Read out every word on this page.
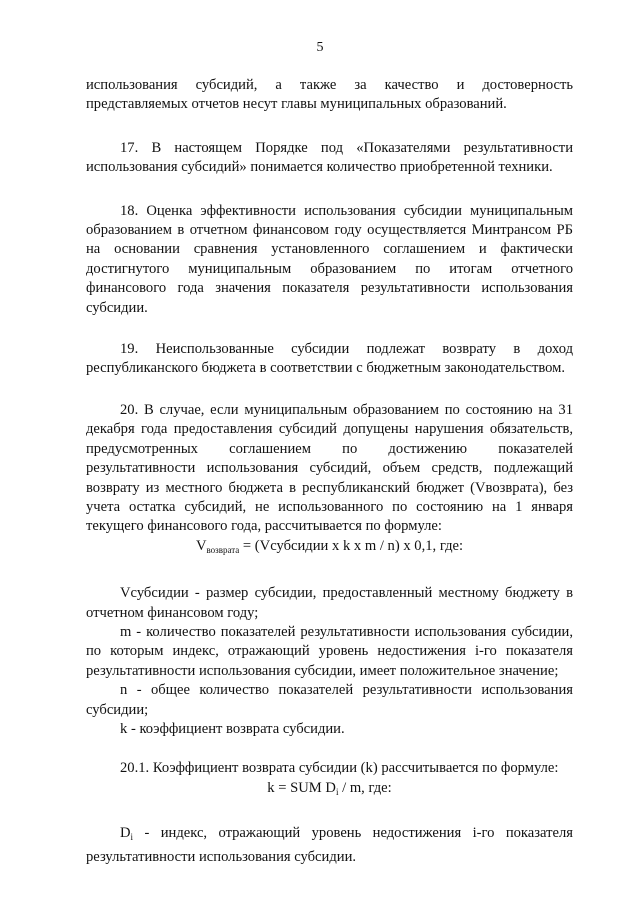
5

использования субсидий, а также за качество и достоверность представляемых отчетов несут главы муниципальных образований.

17. В настоящем Порядке под «Показателями результативности использования субсидий» понимается количество приобретенной техники.

18. Оценка эффективности использования субсидии муниципальным образованием в отчетном финансовом году осуществляется Минтрансом РБ на основании сравнения установленного соглашением и фактически достигнутого муниципальным образованием по итогам отчетного финансового года значения показателя результативности использования субсидии.

19. Неиспользованные субсидии подлежат возврату в доход республиканского бюджета в соответствии с бюджетным законодательством.

20. В случае, если муниципальным образованием по состоянию на 31 декабря года предоставления субсидий допущены нарушения обязательств, предусмотренных соглашением по достижению показателей результативности использования субсидий, объем средств, подлежащий возврату из местного бюджета в республиканский бюджет (Vвозврата), без учета остатка субсидий, не использованного по состоянию на 1 января текущего финансового года, рассчитывается по формуле:

$V_{возврата}$ = (Vсубсидии x k x m / n) x 0,1, где:

Vсубсидии - размер субсидии, предоставленный местному бюджету в отчетном финансовом году;

m - количество показателей результативности использования субсидии, по которым индекс, отражающий уровень недостижения i-го показателя результативности использования субсидии, имеет положительное значение;

n - общее количество показателей результативности использования субсидии;

k - коэффициент возврата субсидии.

20.1. Коэффициент возврата субсидии (k) рассчитывается по формуле:

k = SUM $D_i$ / m, где:

$D_i$ - индекс, отражающий уровень недостижения i-го показателя результативности использования субсидии.
